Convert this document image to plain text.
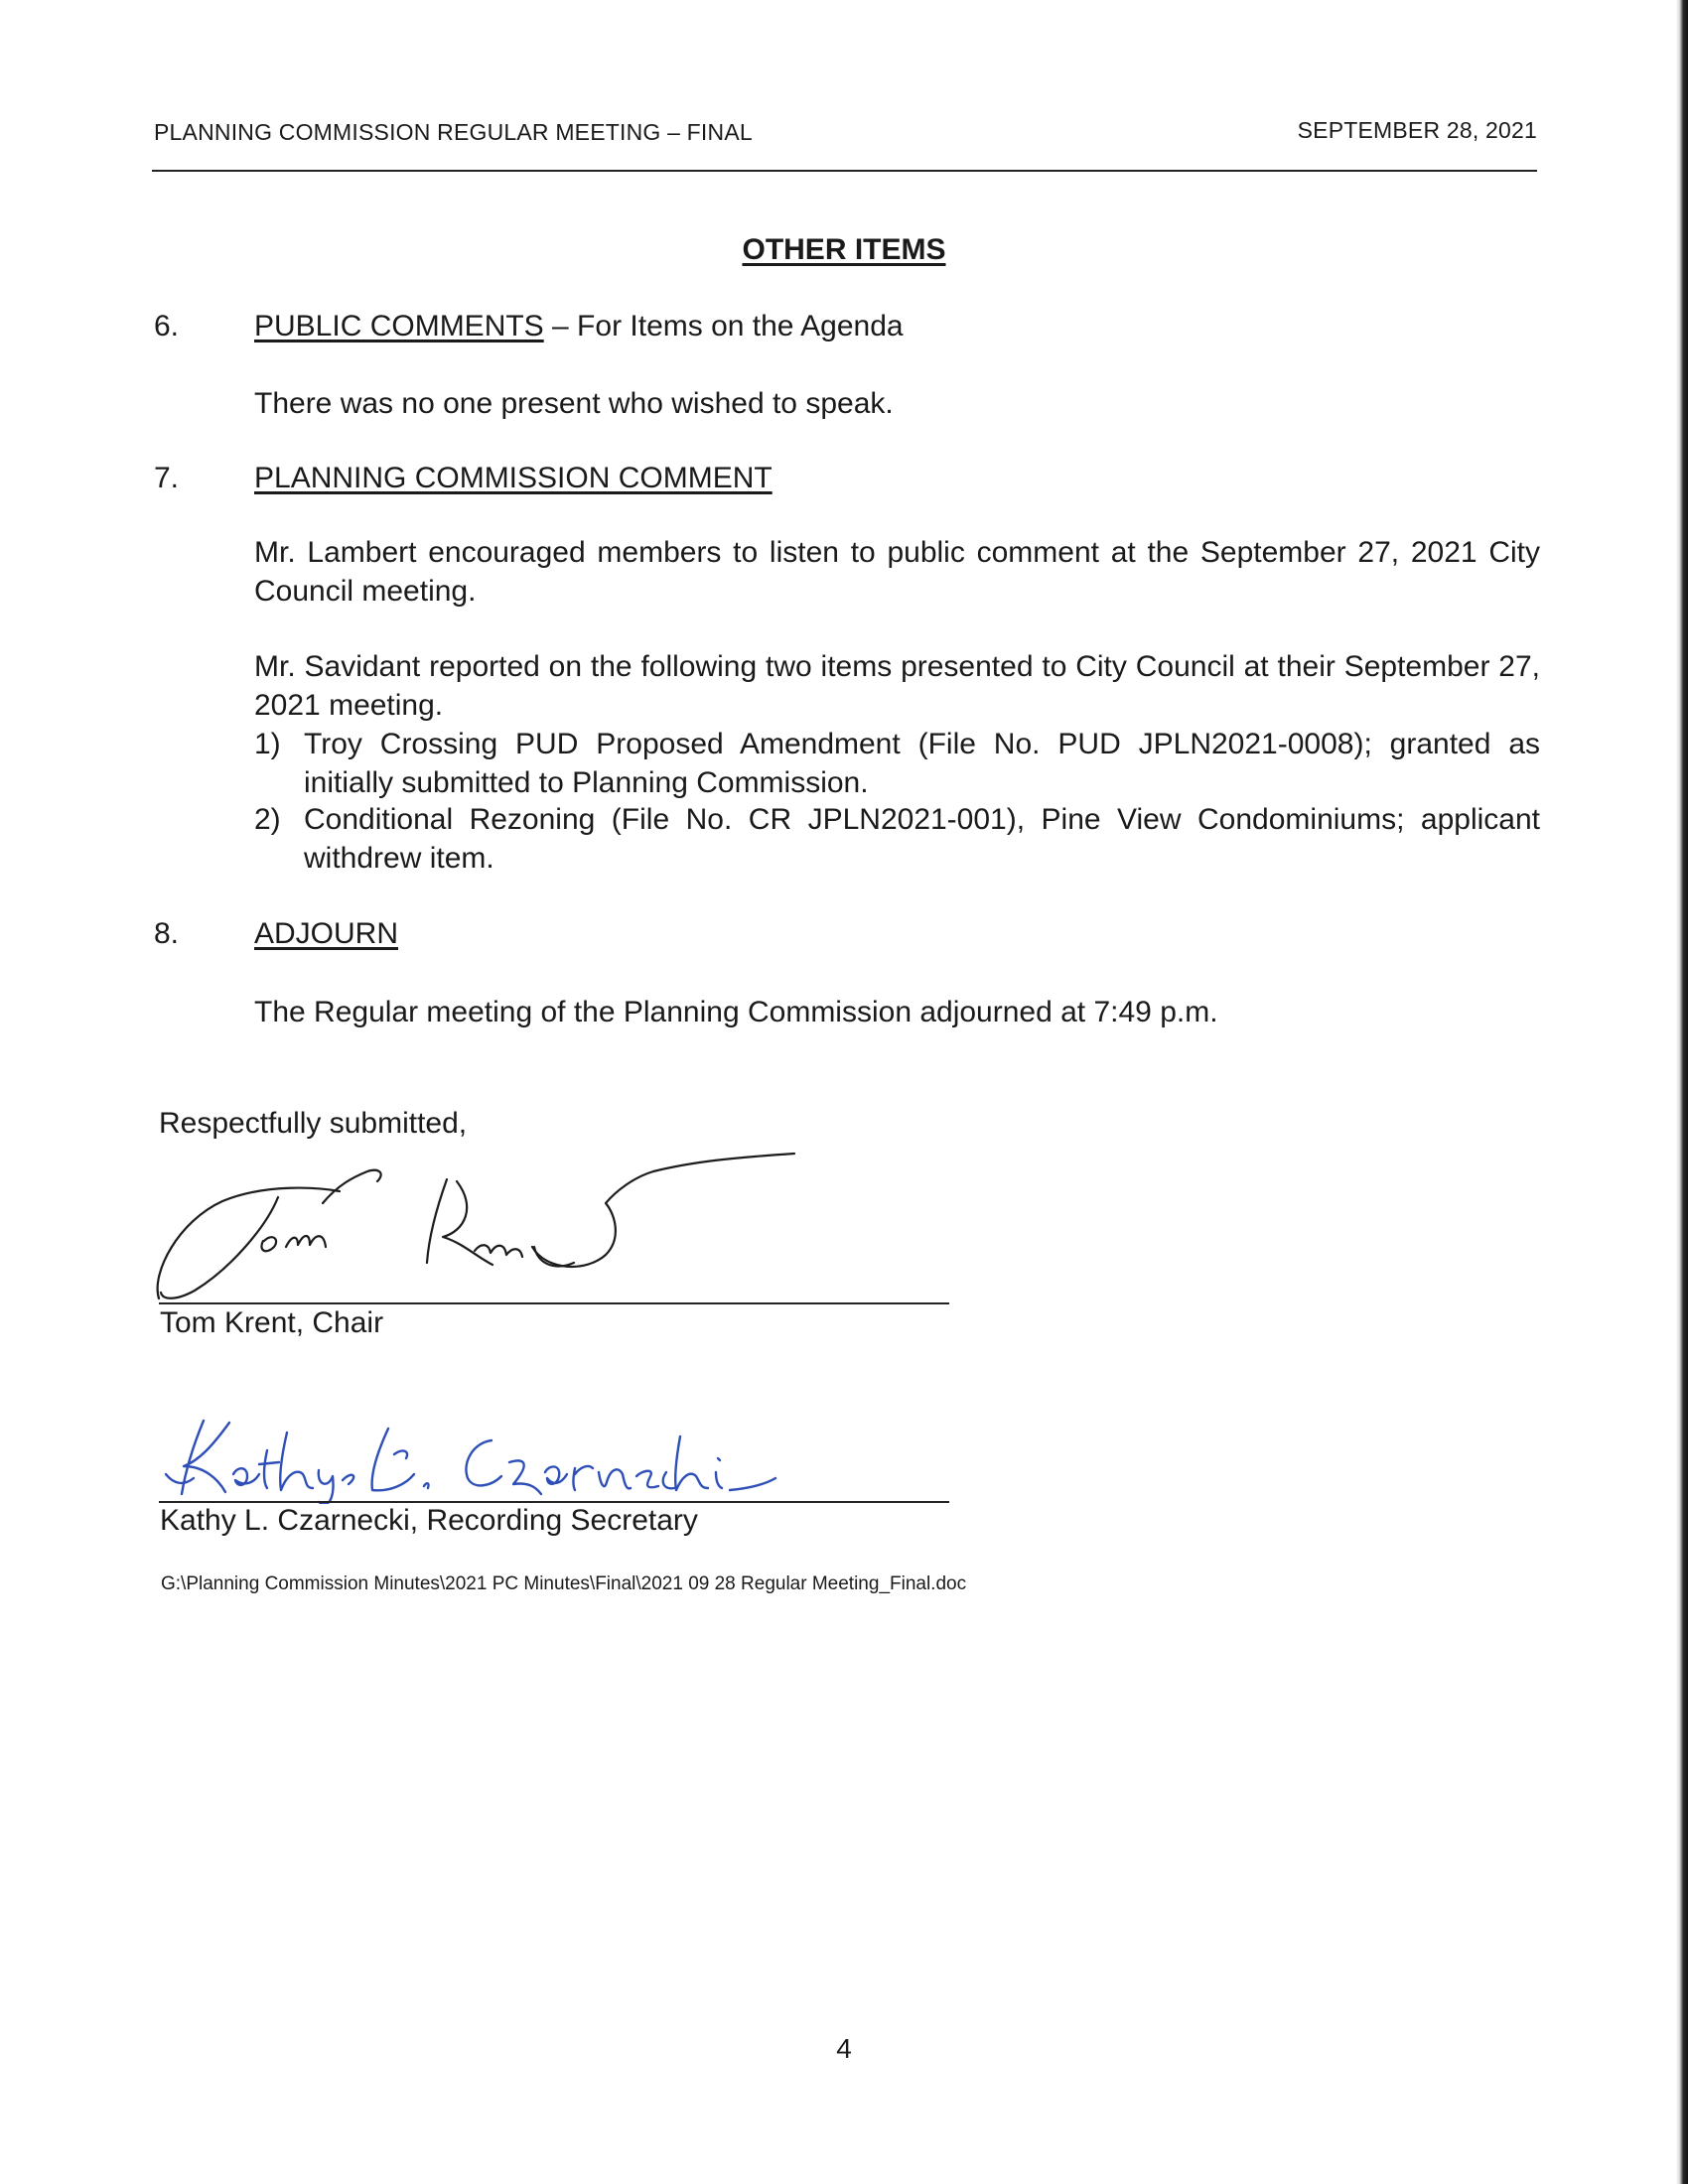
PLANNING COMMISSION REGULAR MEETING – FINAL	SEPTEMBER 28, 2021
OTHER ITEMS
6.	PUBLIC COMMENTS – For Items on the Agenda
There was no one present who wished to speak.
7.	PLANNING COMMISSION COMMENT
Mr. Lambert encouraged members to listen to public comment at the September 27, 2021 City Council meeting.
Mr. Savidant reported on the following two items presented to City Council at their September 27, 2021 meeting.
1) Troy Crossing PUD Proposed Amendment (File No. PUD JPLN2021-0008); granted as initially submitted to Planning Commission.
2) Conditional Rezoning (File No. CR JPLN2021-001), Pine View Condominiums; applicant withdrew item.
8.	ADJOURN
The Regular meeting of the Planning Commission adjourned at 7:49 p.m.
Respectfully submitted,
Tom Krent, Chair
Kathy L. Czarnecki, Recording Secretary
G:\Planning Commission Minutes\2021 PC Minutes\Final\2021 09 28 Regular Meeting_Final.doc
4
